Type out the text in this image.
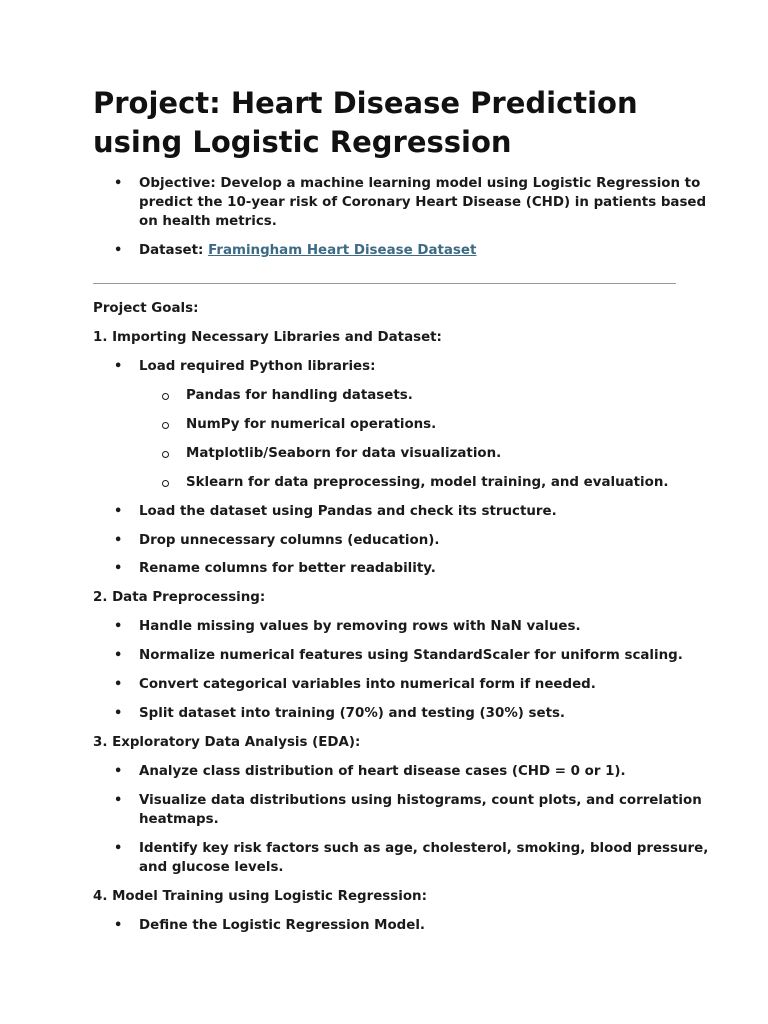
Project: Heart Disease Prediction using Logistic Regression
• Objective: Develop a machine learning model using Logistic Regression to predict the 10-year risk of Coronary Heart Disease (CHD) in patients based on health metrics.
• Dataset: Framingham Heart Disease Dataset
Project Goals:
1. Importing Necessary Libraries and Dataset:
• Load required Python libraries:
Pandas for handling datasets.
NumPy for numerical operations.
Matplotlib/Seaborn for data visualization.
Sklearn for data preprocessing, model training, and evaluation.
• Load the dataset using Pandas and check its structure.
• Drop unnecessary columns (education).
• Rename columns for better readability.
2. Data Preprocessing:
• Handle missing values by removing rows with NaN values.
• Normalize numerical features using StandardScaler for uniform scaling.
• Convert categorical variables into numerical form if needed.
• Split dataset into training (70%) and testing (30%) sets.
3. Exploratory Data Analysis (EDA):
• Analyze class distribution of heart disease cases (CHD = 0 or 1).
• Visualize data distributions using histograms, count plots, and correlation heatmaps.
• Identify key risk factors such as age, cholesterol, smoking, blood pressure, and glucose levels.
4. Model Training using Logistic Regression:
• Define the Logistic Regression Model.
